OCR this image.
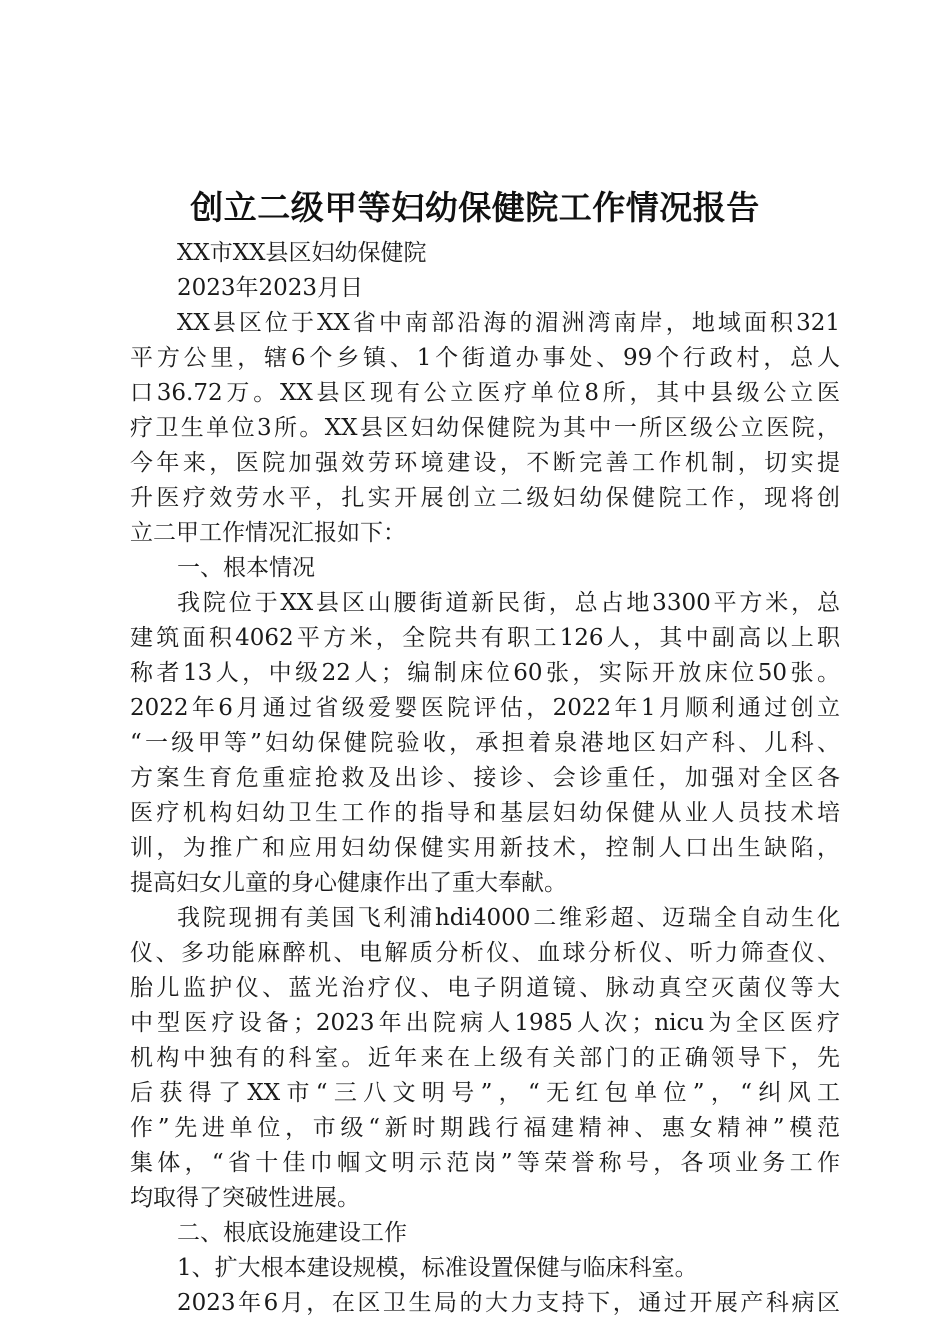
创立二级甲等妇幼保健院工作情况报告
XX市XX县区妇幼保健院
2023年2023月日
XX县区位于XX省中南部沿海的湄洲湾南岸，地域面积321
平方公里，辖6个乡镇、1个街道办事处、99个行政村，总人
口36.72万。XX县区现有公立医疗单位8所，其中县级公立医
疗卫生单位3所。XX县区妇幼保健院为其中一所区级公立医院，
今年来，医院加强效劳环境建设，不断完善工作机制，切实提
升医疗效劳水平，扎实开展创立二级妇幼保健院工作，现将创
立二甲工作情况汇报如下：
一、根本情况
我院位于XX县区山腰街道新民街，总占地3300平方米，总
建筑面积4062平方米，全院共有职工126人，其中副高以上职
称者13人，中级22人；编制床位60张，实际开放床位50张。
2022年6月通过省级爱婴医院评估，2022年1月顺利通过创立
“一级甲等”妇幼保健院验收，承担着泉港地区妇产科、儿科、
方案生育危重症抢救及出诊、接诊、会诊重任，加强对全区各
医疗机构妇幼卫生工作的指导和基层妇幼保健从业人员技术培
训，为推广和应用妇幼保健实用新技术，控制人口出生缺陷，
提高妇女儿童的身心健康作出了重大奉献。
我院现拥有美国飞利浦hdi4000二维彩超、迈瑞全自动生化
仪、多功能麻醉机、电解质分析仪、血球分析仪、听力筛查仪、
胎儿监护仪、蓝光治疗仪、电子阴道镜、脉动真空灭菌仪等大
中型医疗设备；2023年出院病人1985人次；nicu为全区医疗
机构中独有的科室。近年来在上级有关部门的正确领导下，先
后获得了XX市“三八文明号”，“无红包单位”，“纠风工
作”先进单位，市级“新时期践行福建精神、惠女精神”模范
集体，“省十佳巾帼文明示范岗”等荣誉称号，各项业务工作
均取得了突破性进展。
二、根底设施建设工作
1、扩大根本建设规模，标准设置保健与临床科室。
2023年6月，在区卫生局的大力支持下，通过开展产科病区
